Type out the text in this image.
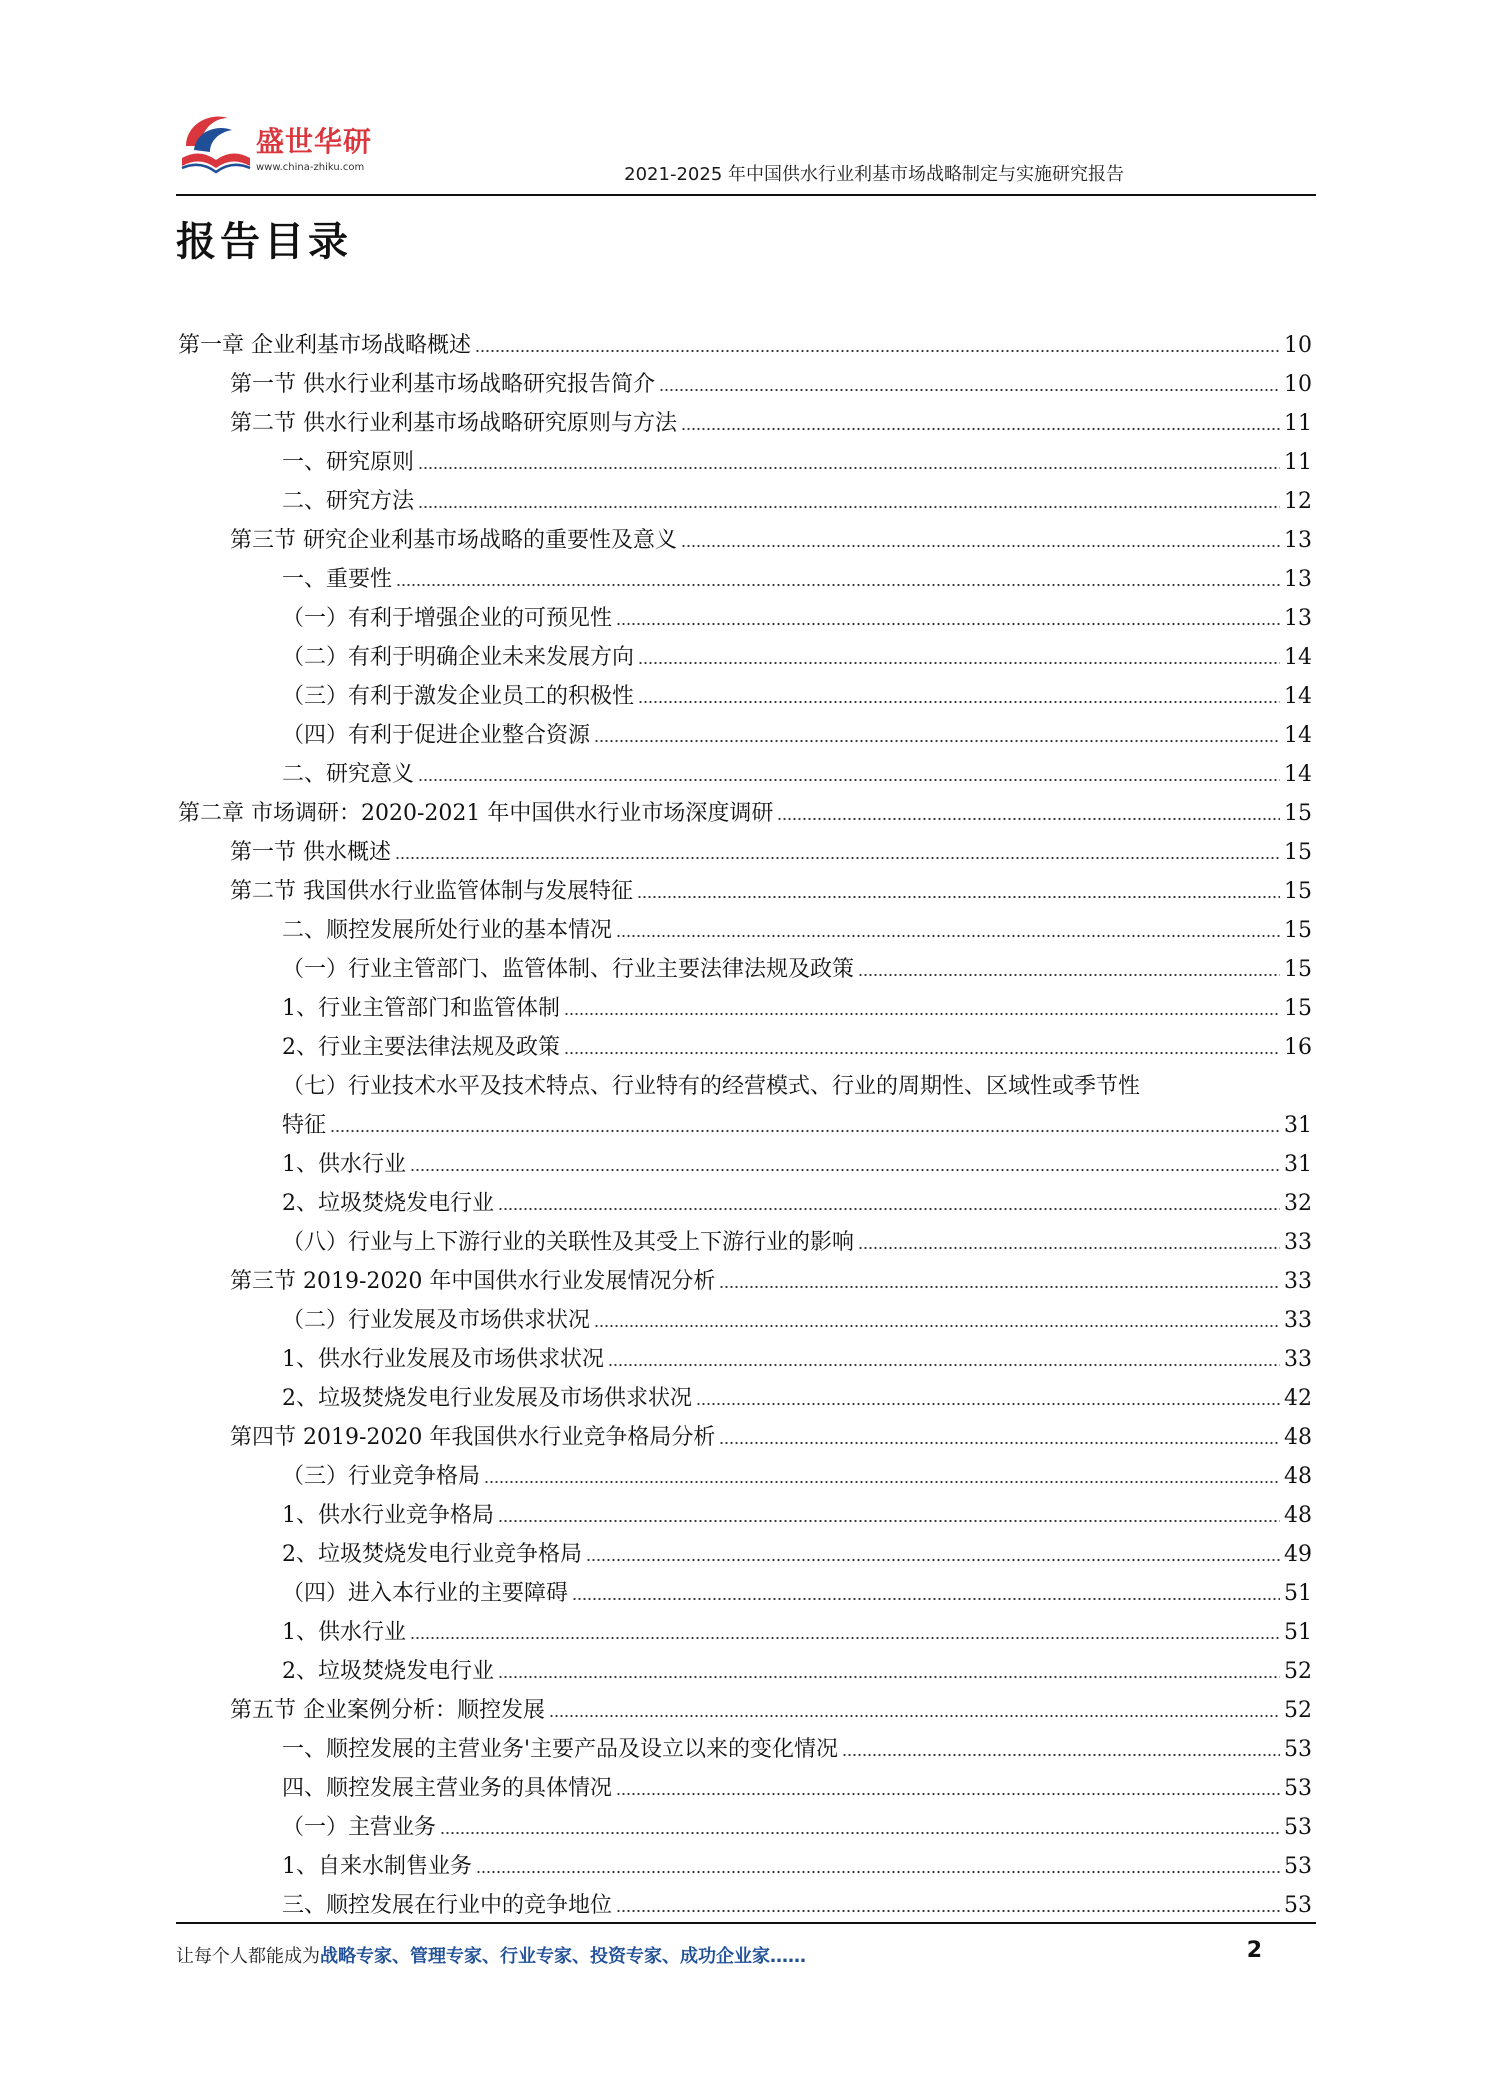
盛世华研
www.china-zhiku.com	2021-2025 年中国供水行业利基市场战略制定与实施研究报告
报告目录
第一章 企业利基市场战略概述	10
第一节 供水行业利基市场战略研究报告简介	10
第二节 供水行业利基市场战略研究原则与方法	11
一、研究原则	11
二、研究方法	12
第三节 研究企业利基市场战略的重要性及意义	13
一、重要性	13
（一）有利于增强企业的可预见性	13
（二）有利于明确企业未来发展方向	14
（三）有利于激发企业员工的积极性	14
（四）有利于促进企业整合资源	14
二、研究意义	14
第二章 市场调研：2020-2021 年中国供水行业市场深度调研	15
第一节 供水概述	15
第二节 我国供水行业监管体制与发展特征	15
二、顺控发展所处行业的基本情况	15
（一）行业主管部门、监管体制、行业主要法律法规及政策	15
1、行业主管部门和监管体制	15
2、行业主要法律法规及政策	16
（七）行业技术水平及技术特点、行业特有的经营模式、行业的周期性、区域性或季节性
特征	31
1、供水行业	31
2、垃圾焚烧发电行业	32
（八）行业与上下游行业的关联性及其受上下游行业的影响	33
第三节 2019-2020 年中国供水行业发展情况分析	33
（二）行业发展及市场供求状况	33
1、供水行业发展及市场供求状况	33
2、垃圾焚烧发电行业发展及市场供求状况	42
第四节 2019-2020 年我国供水行业竞争格局分析	48
（三）行业竞争格局	48
1、供水行业竞争格局	48
2、垃圾焚烧发电行业竞争格局	49
（四）进入本行业的主要障碍	51
1、供水行业	51
2、垃圾焚烧发电行业	52
第五节 企业案例分析：顺控发展	52
一、顺控发展的主营业务'主要产品及设立以来的变化情况	53
四、顺控发展主营业务的具体情况	53
（一）主营业务	53
1、自来水制售业务	53
三、顺控发展在行业中的竞争地位	53
让每个人都能成为战略专家、管理专家、行业专家、投资专家、成功企业家……	2
